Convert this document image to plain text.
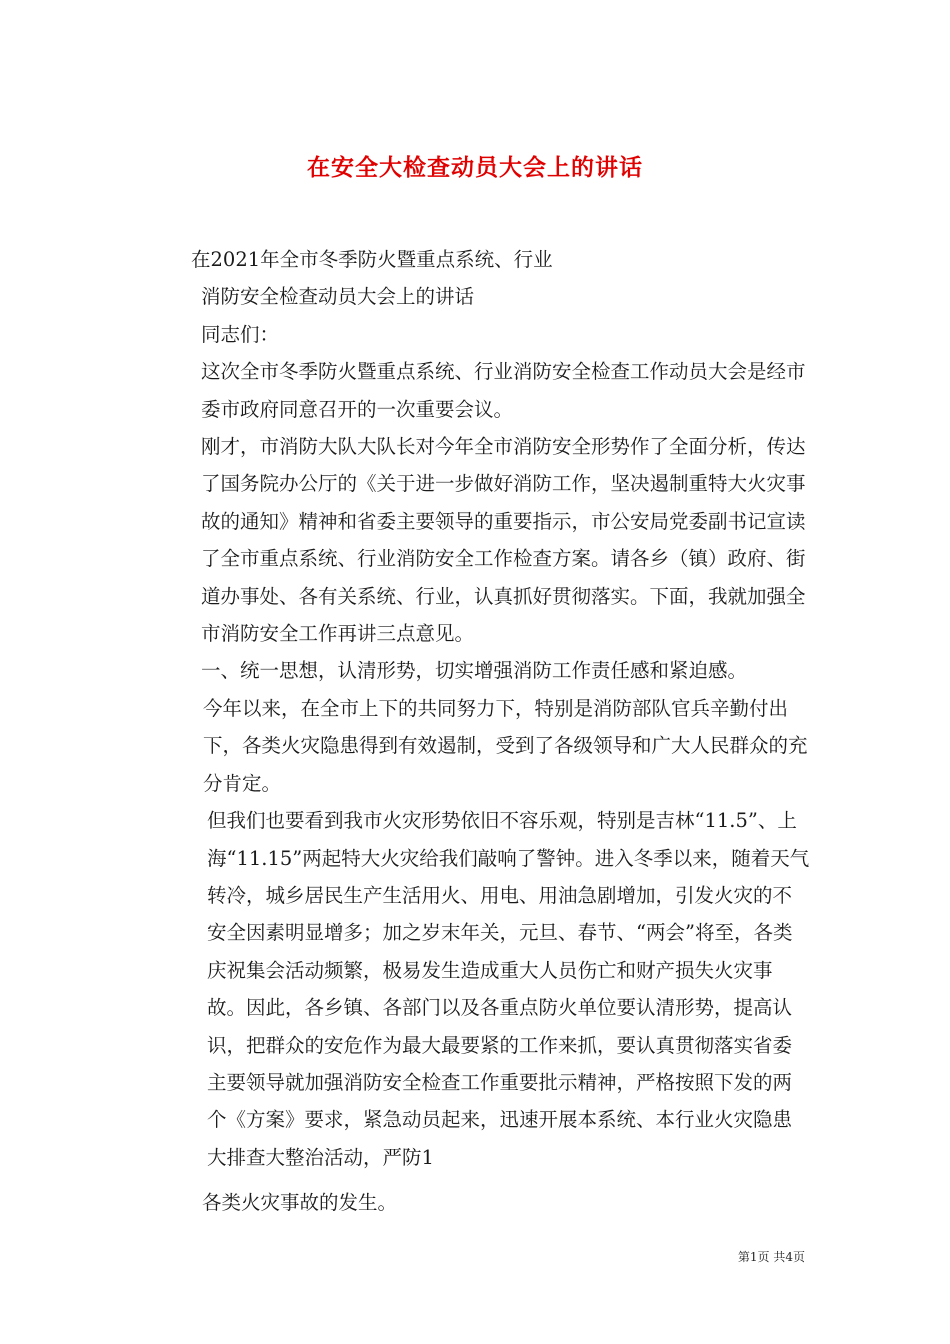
在安全大检查动员大会上的讲话

在2021年全市冬季防火暨重点系统、行业

消防安全检查动员大会上的讲话

同志们：

这次全市冬季防火暨重点系统、行业消防安全检查工作动员大会是经市委市政府同意召开的一次重要会议。

刚才，市消防大队大队长对今年全市消防安全形势作了全面分析，传达了国务院办公厅的《关于进一步做好消防工作，坚决遏制重特大火灾事故的通知》精神和省委主要领导的重要指示，市公安局党委副书记宣读了全市重点系统、行业消防安全工作检查方案。请各乡（镇）政府、街道办事处、各有关系统、行业，认真抓好贯彻落实。下面，我就加强全市消防安全工作再讲三点意见。

一、统一思想，认清形势，切实增强消防工作责任感和紧迫感。

今年以来，在全市上下的共同努力下，特别是消防部队官兵辛勤付出下，各类火灾隐患得到有效遏制，受到了各级领导和广大人民群众的充分肯定。

但我们也要看到我市火灾形势依旧不容乐观，特别是吉林“11.5”、上海“11.15”两起特大火灾给我们敲响了警钟。进入冬季以来，随着天气转冷，城乡居民生产生活用火、用电、用油急剧增加，引发火灾的不安全因素明显增多；加之岁末年关，元旦、春节、“两会”将至，各类庆祝集会活动频繁，极易发生造成重大人员伤亡和财产损失火灾事故。因此，各乡镇、各部门以及各重点防火单位要认清形势，提高认识，把群众的安危作为最大最要紧的工作来抓，要认真贯彻落实省委主要领导就加强消防安全检查工作重要批示精神，严格按照下发的两个《方案》要求，紧急动员起来，迅速开展本系统、本行业火灾隐患大排查大整治活动，严防1

各类火灾事故的发生。

第1页 共4页
